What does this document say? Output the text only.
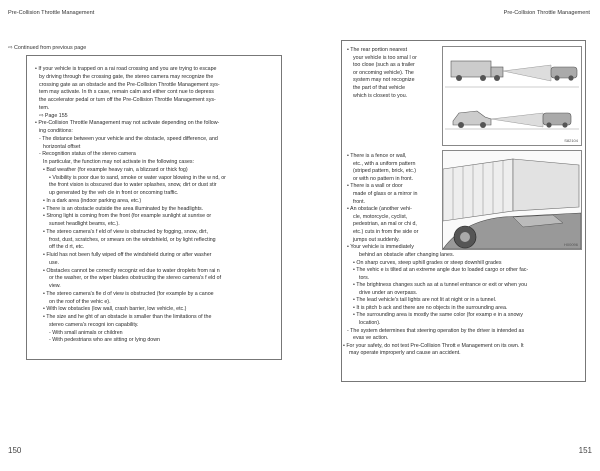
Pre-Collision Throttle Management	Pre-Collision Throttle Management
⇨ Continued from previous page
• If your vehicle is trapped on a rai road crossing and you are trying to escape
by driving through the crossing gate, the stereo camera may recognize the
crossing gate as an obstacle and the Pre-Collision Throttle Management sys-
tem may activate. In th s case, remain calm and either cont nue to depress
the accelerator pedal or turn off the Pre-Collision Throttle Management sys-
tem.
⇨ Page 155
• Pre-Collision Throttle Management may not activate depending on the follow-
ing conditions:
- The distance between your vehicle and the obstacle, speed difference, and
horizontal offset
- Recognition status of the stereo camera
In particular, the function may not activate in the following cases:
• Bad weather (for example heavy rain, a blizzard or thick fog)
• Visibility is poor due to sand, smoke or water vapor blowing in the w nd, or
the front vision is obscured due to water splashes, snow, dirt or dust stir
up generated by the veh cle in front or oncoming traffic.
• In a dark area (indoor parking area, etc.)
• There is an obstacle outside the area illuminated by the headlights.
• Strong light is coming from the front (for example sunlight at sunrise or
sunset headlight beams, etc.).
• The stereo camera's f eld of view is obstructed by fogging, snow, dirt,
frost, dust, scratches, or smears on the windshield, or by light reflecting
off the d rt, etc.
• Fluid has not been fully wiped off the windshield during or after washer
use.
• Obstacles cannot be correctly recogniz ed due to water droplets from rai n
or the washer, or the wiper blades obstructing the stereo camera's f eld of
view.
• The stereo camera's fie d of view is obstructed (for example by a canoe
on the roof of the vehic e).
• With low obstacles (low wall, crash barrier, low vehicle, etc.)
• The size and he ght of an obstacle is smaller than the limitations of the
stereo camera's recogni ion capability.
- With small animals or children
- With pedestrians who are sitting or lying down
S82104
H00096
• The rear portion nearest
your vehicle is too smal l or
too close (such as a trailer
or oncoming vehicle). The
system may not recognize
the part of that vehicle
which is closest to you.
• There is a fence or wall,
etc., with a uniform pattern
(striped pattern, brick, etc.)
or with no pattern in front.
• There is a wall or door
made of glass or a mirror in
front.
• An obstacle (another vehi-
cle, motorcycle, cyclist,
pedestrian, an mal or chi d,
etc.) cuts in from the side or
jumps out suddenly.
• Your vehicle is immediately
behind an obstacle after changing lanes.
• On sharp curves, steep uphill grades or steep downhill grades
• The vehic e is tilted at an extreme angle due to loaded cargo or other fac-
tors.
• The brightness changes such as at a tunnel entrance or exit or when you
drive under an overpass.
• The lead vehicle's tail lights are not lit at night or in a tunnel.
• It is pitch b ack and there are no objects in the surrounding area.
• The surrounding area is mostly the same color (for examp e in a snowy
location).
- The system determines that steering operation by the driver is intended as
evas ve action.
• For your safety, do not test Pre-Collision Thrott e Management on its own. It
may operate improperly and cause an accident.
150	151
